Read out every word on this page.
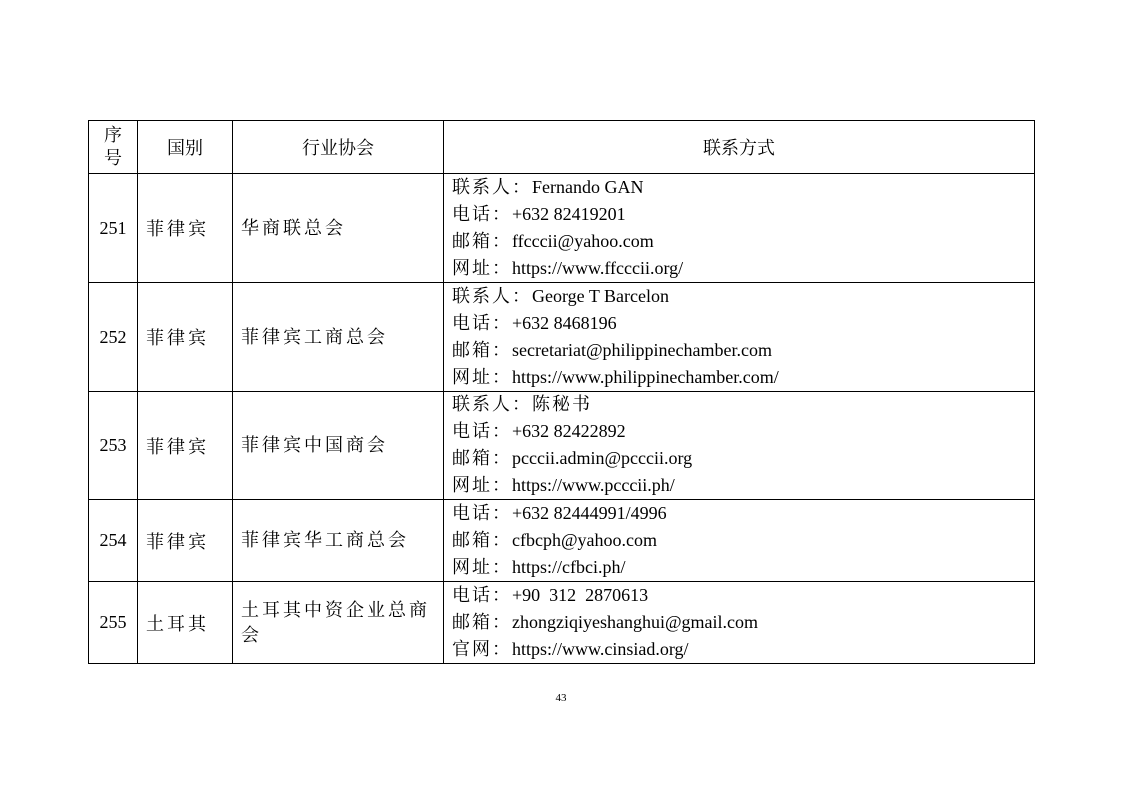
序
号	国别	行业协会	联系方式
251	菲律宾	华商联总会	联系人：Fernando GAN
电话：+632 82419201
邮箱：ffcccii@yahoo.com
网址：https://www.ffcccii.org/

252	菲律宾	菲律宾工商总会	联系人：George T Barcelon
电话：+632 8468196
邮箱：secretariat@philippinechamber.com
网址：https://www.philippinechamber.com/

253	菲律宾	菲律宾中国商会	联系人：陈秘书
电话：+632 82422892
邮箱：pcccii.admin@pcccii.org
网址：https://www.pcccii.ph/

254	菲律宾	菲律宾华工商总会	电话：+632 82444991/4996
邮箱：cfbcph@yahoo.com
网址：https://cfbci.ph/

255	土耳其	土耳其中资企业总商会	电话：+90  312  2870613
邮箱：zhongziqiyeshanghui@gmail.com
官网：https://www.cinsiad.org/
43
